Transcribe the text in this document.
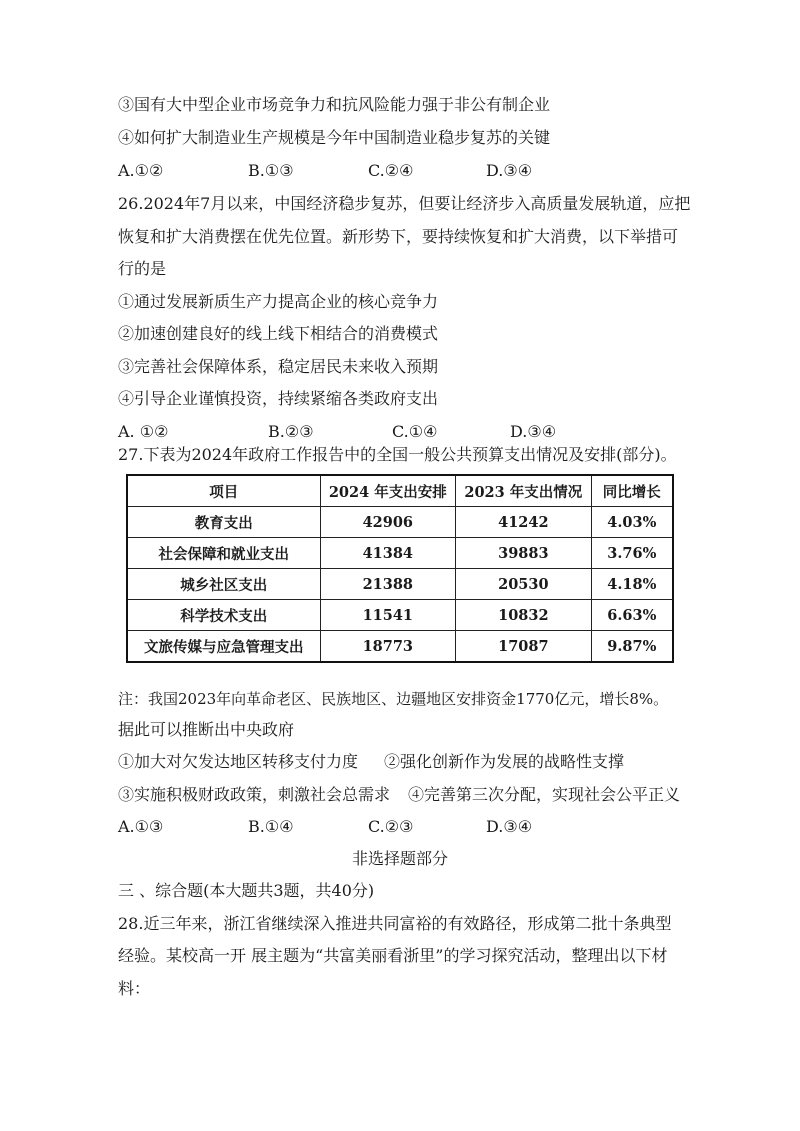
③国有大中型企业市场竞争力和抗风险能力强于非公有制企业
④如何扩大制造业生产规模是今年中国制造业稳步复苏的关键
A.①②	B.①③	C.②④	D.③④
26.2024年7月以来，中国经济稳步复苏，但要让经济步入高质量发展轨道，应把
恢复和扩大消费摆在优先位置。新形势下，要持续恢复和扩大消费，以下举措可
行的是
①通过发展新质生产力提高企业的核心竞争力
②加速创建良好的线上线下相结合的消费模式
③完善社会保障体系，稳定居民未来收入预期
④引导企业谨慎投资，持续紧缩各类政府支出
A. ①②	B.②③	C.①④	D.③④
27.下表为2024年政府工作报告中的全国一般公共预算支出情况及安排(部分)。
项目	2024 年支出安排	2023 年支出情况	同比增长
教育支出	42906	41242	4.03%
社会保障和就业支出	41384	39883	3.76%
城乡社区支出	21388	20530	4.18%
科学技术支出	11541	10832	6.63%
文旅传媒与应急管理支出	18773	17087	9.87%
注：我国2023年向革命老区、民族地区、边疆地区安排资金1770亿元，增长8%。
据此可以推断出中央政府
①加大对欠发达地区转移支付力度 ②强化创新作为发展的战略性支撑
③实施积极财政政策，刺激社会总需求 ④完善第三次分配，实现社会公平正义
A.①③	B.①④	C.②③	D.③④
非选择题部分
三 、综合题(本大题共3题，共40分)
28.近三年来，浙江省继续深入推进共同富裕的有效路径，形成第二批十条典型
经验。某校高一开 展主题为“共富美丽看浙里”的学习探究活动，整理出以下材
料：
